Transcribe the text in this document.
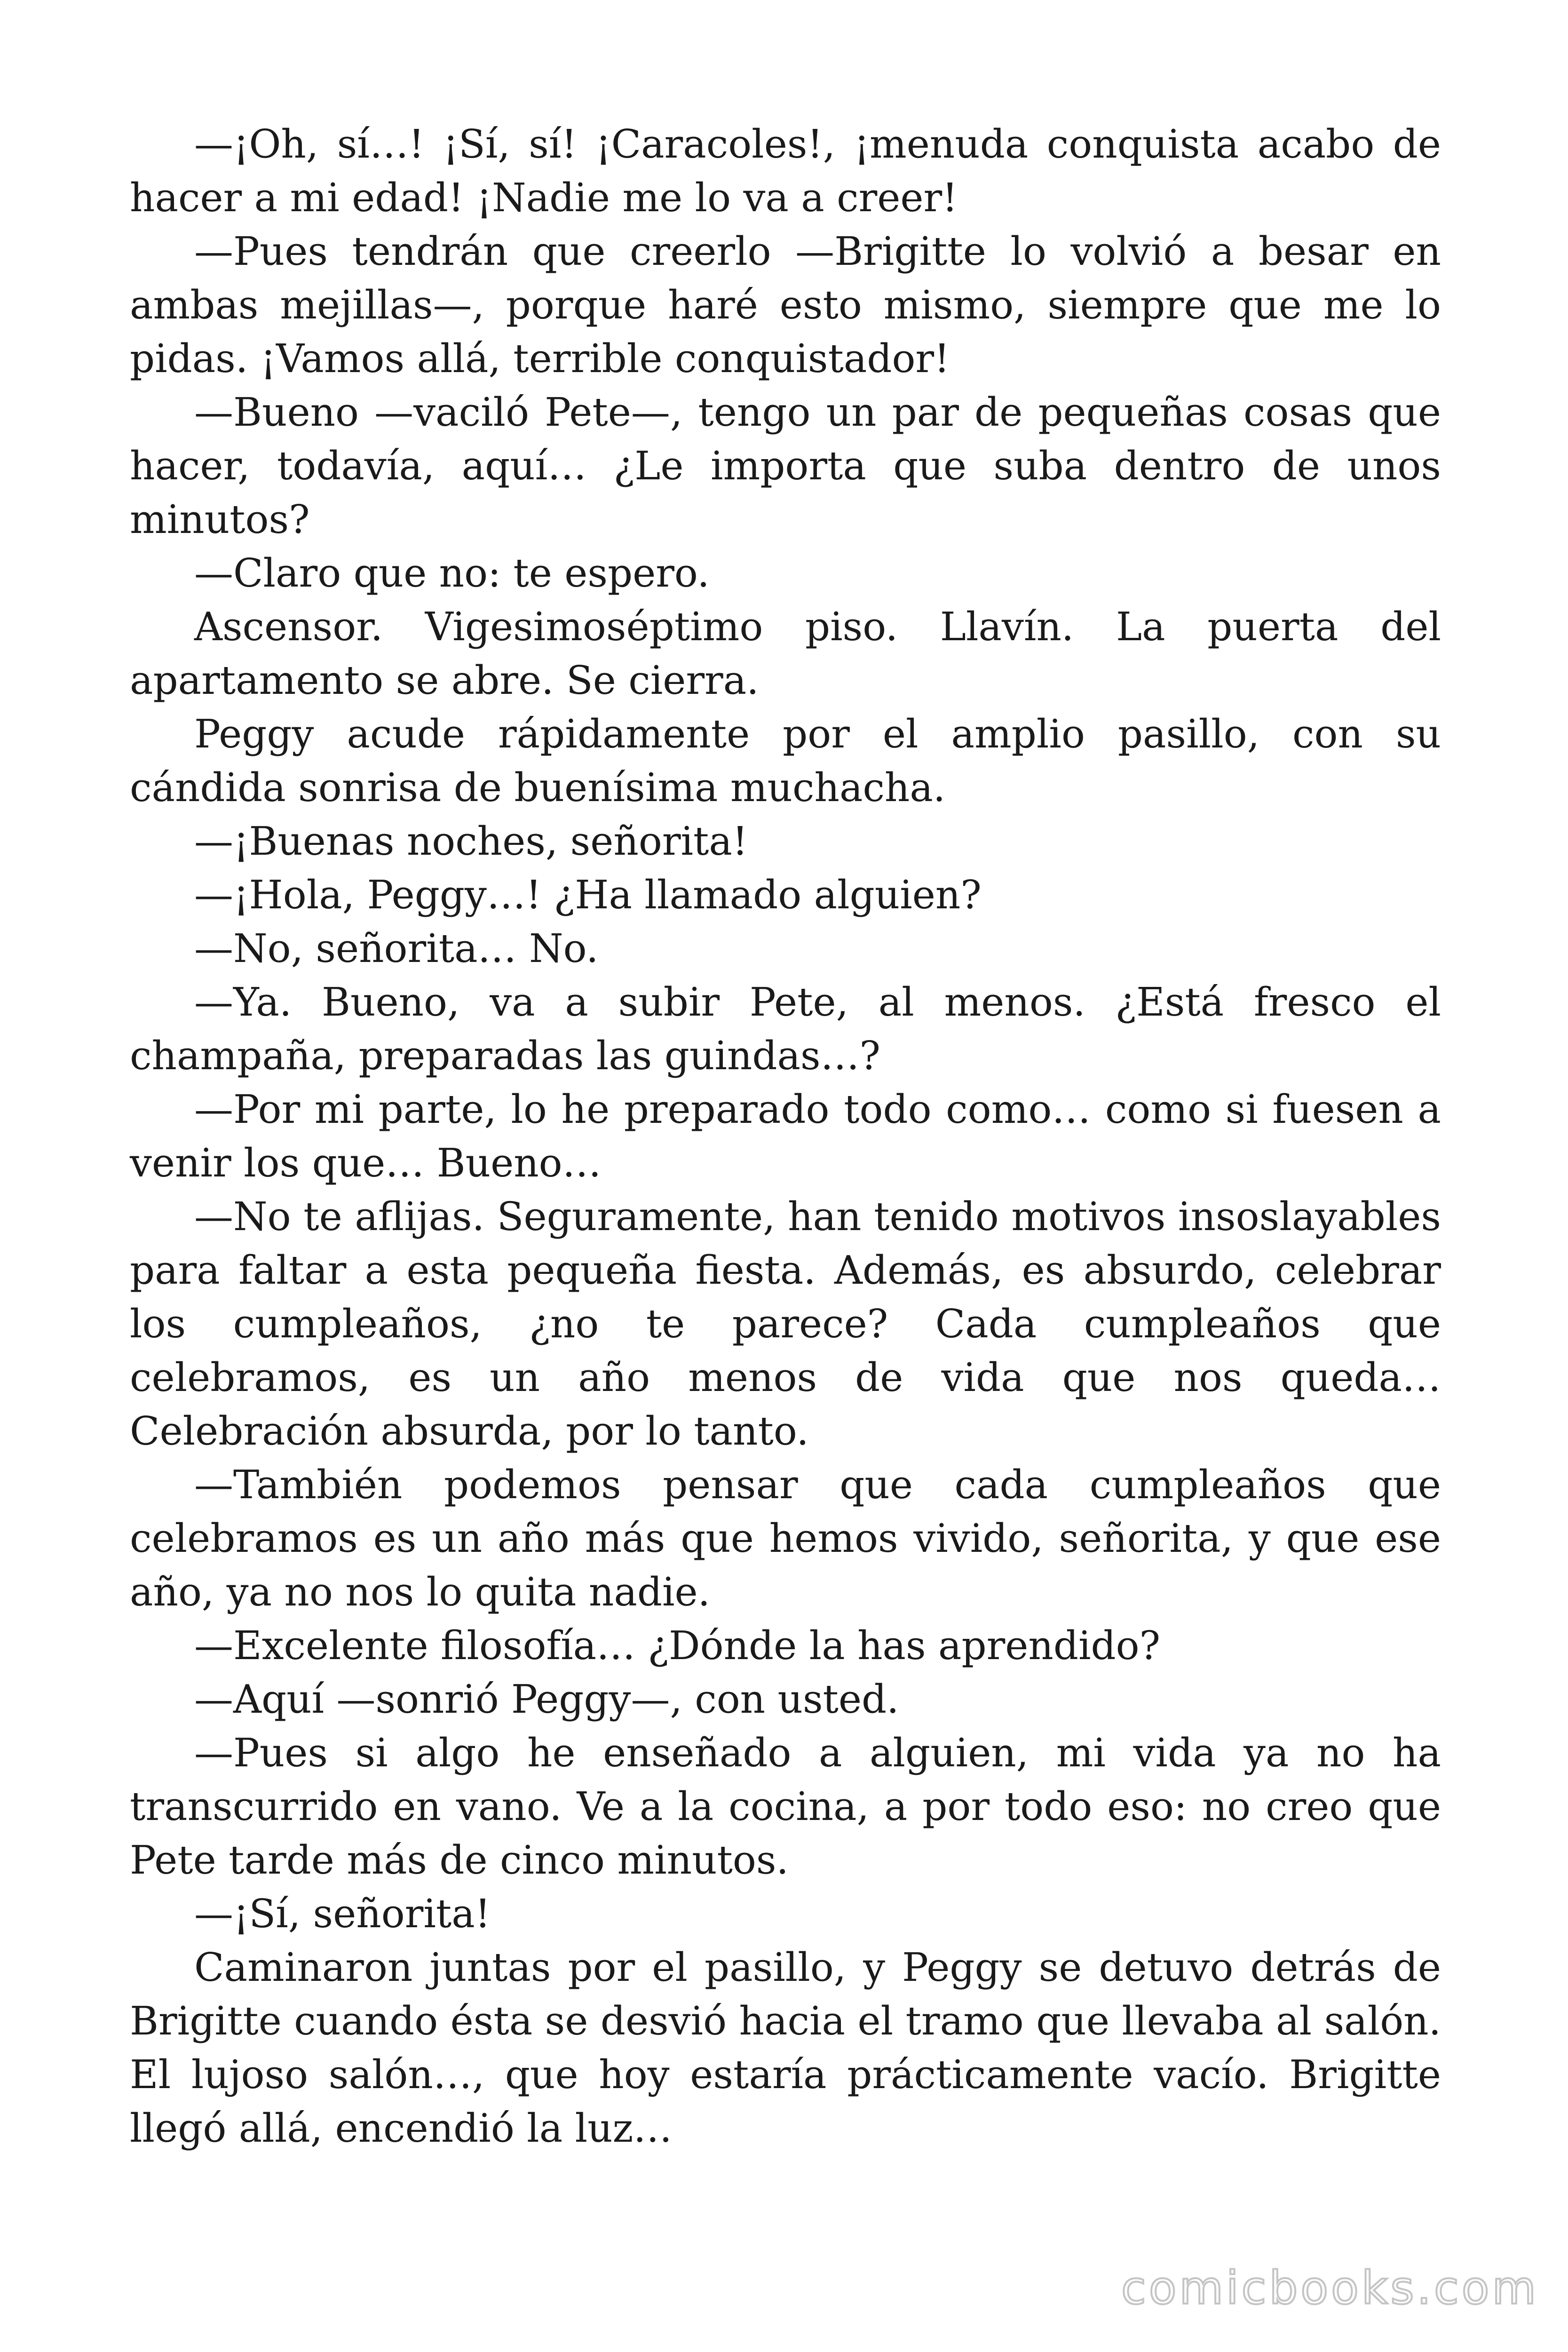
—¡Oh, sí…! ¡Sí, sí! ¡Caracoles!, ¡menuda conquista acabo de hacer a mi edad! ¡Nadie me lo va a creer!

—Pues tendrán que creerlo —Brigitte lo volvió a besar en ambas mejillas—, porque haré esto mismo, siempre que me lo pidas. ¡Vamos allá, terrible conquistador!

—Bueno —vaciló Pete—, tengo un par de pequeñas cosas que hacer, todavía, aquí… ¿Le importa que suba dentro de unos minutos?

—Claro que no: te espero.

Ascensor. Vigesimoséptimo piso. Llavín. La puerta del apartamento se abre. Se cierra.

Peggy acude rápidamente por el amplio pasillo, con su cándida sonrisa de buenísima muchacha.

—¡Buenas noches, señorita!

—¡Hola, Peggy…! ¿Ha llamado alguien?

—No, señorita… No.

—Ya. Bueno, va a subir Pete, al menos. ¿Está fresco el champaña, preparadas las guindas…?

—Por mi parte, lo he preparado todo como… como si fuesen a venir los que… Bueno…

—No te aflijas. Seguramente, han tenido motivos insoslayables para faltar a esta pequeña fiesta. Además, es absurdo, celebrar los cumpleaños, ¿no te parece? Cada cumpleaños que celebramos, es un año menos de vida que nos queda… Celebración absurda, por lo tanto.

—También podemos pensar que cada cumpleaños que celebramos es un año más que hemos vivido, señorita, y que ese año, ya no nos lo quita nadie.

—Excelente filosofía… ¿Dónde la has aprendido?

—Aquí —sonrió Peggy—, con usted.

—Pues si algo he enseñado a alguien, mi vida ya no ha transcurrido en vano. Ve a la cocina, a por todo eso: no creo que Pete tarde más de cinco minutos.

—¡Sí, señorita!

Caminaron juntas por el pasillo, y Peggy se detuvo detrás de Brigitte cuando ésta se desvió hacia el tramo que llevaba al salón. El lujoso salón…, que hoy estaría prácticamente vacío. Brigitte llegó allá, encendió la luz…

comicbooks.com
